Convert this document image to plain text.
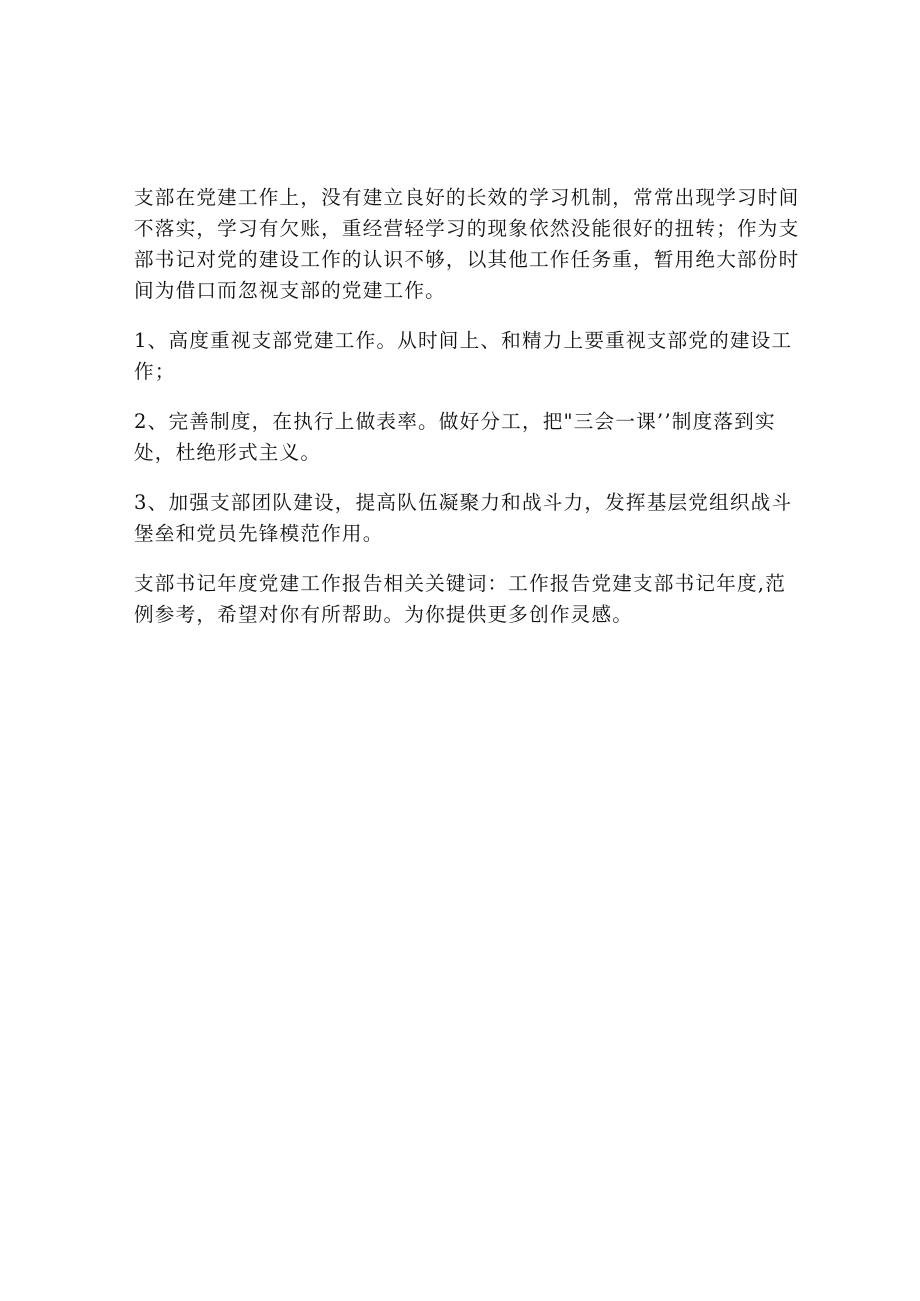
支部在党建工作上，没有建立良好的长效的学习机制，常常出现学习时间不落实，学习有欠账，重经营轻学习的现象依然没能很好的扭转；作为支部书记对党的建设工作的认识不够，以其他工作任务重，暂用绝大部份时间为借口而忽视支部的党建工作。

1、高度重视支部党建工作。从时间上、和精力上要重视支部党的建设工作；

2、完善制度，在执行上做表率。做好分工，把"三会一课’’制度落到实处，杜绝形式主义。

3、加强支部团队建设，提高队伍凝聚力和战斗力，发挥基层党组织战斗堡垒和党员先锋模范作用。

支部书记年度党建工作报告相关关键词：工作报告党建支部书记年度,范例参考，希望对你有所帮助。为你提供更多创作灵感。
